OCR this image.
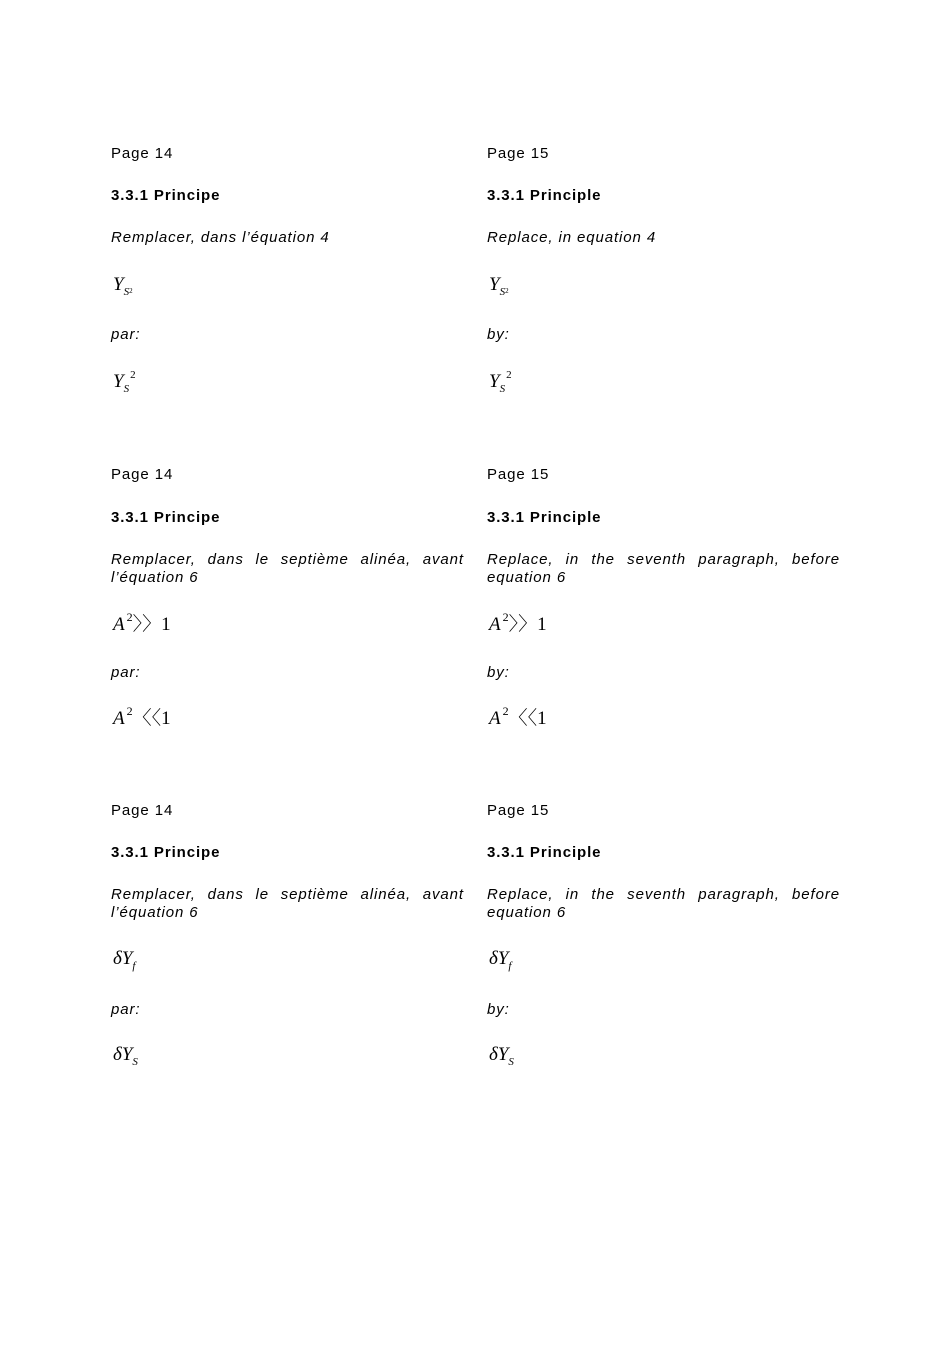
Page 14
3.3.1 Principe
Remplacer, dans l’équation 4
$Y_{S2}$
par:
$Y_S^2$
Page 15
3.3.1 Principle
Replace, in equation 4
$Y_{S2}$
by:
$Y_S^2$
Page 14
3.3.1 Principe
Remplacer, dans le septième alinéa, avant l’équation 6
A $^2$〉〉1
par:
A $^2$〈〈1
Page 15
3.3.1 Principle
Replace, in the seventh paragraph, before equation 6
A $^2$〉〉1
by:
A $^2$〈〈1
Page 14
3.3.1 Principe
Remplacer, dans le septième alinéa, avant l’équation 6
$\delta Y_f$
par:
$\delta Y_S$
Page 15
3.3.1 Principle
Replace, in the seventh paragraph, before equation 6
$\delta Y_f$
by:
$\delta Y_S$
